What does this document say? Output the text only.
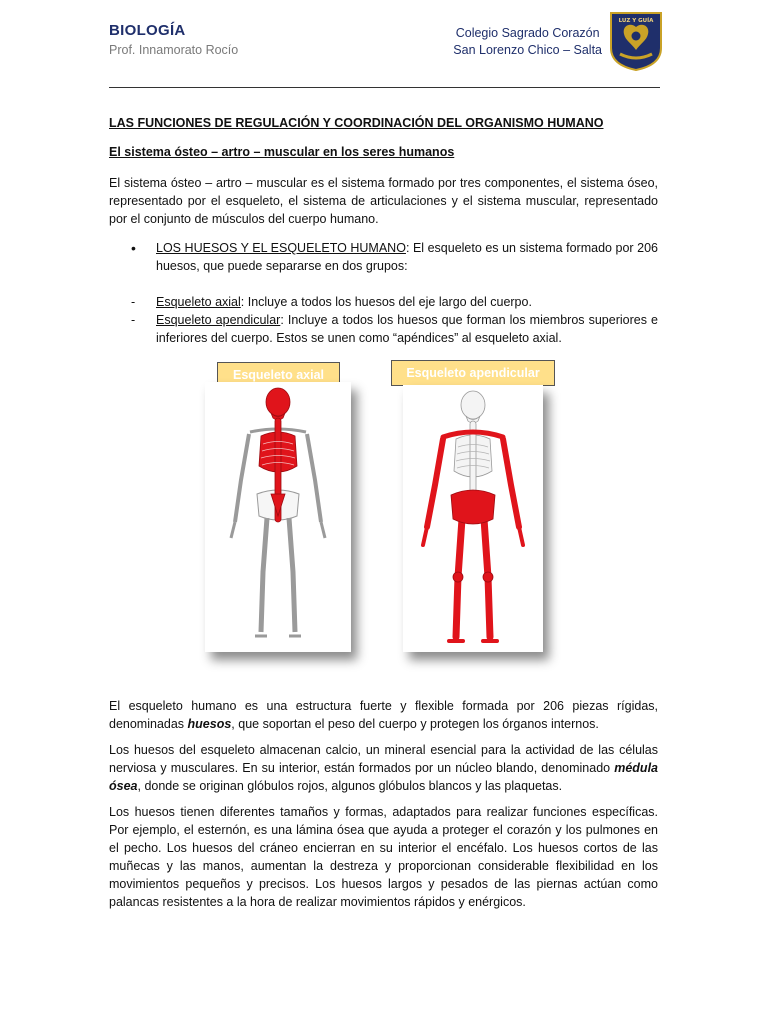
BIOLOGÍA
Prof. Innamorato Rocío
Colegio Sagrado Corazón
San Lorenzo Chico – Salta
LUZ Y GUÍA

LAS FUNCIONES DE REGULACIÓN Y COORDINACIÓN DEL ORGANISMO HUMANO

El sistema ósteo – artro – muscular en los seres humanos

El sistema ósteo – artro – muscular es el sistema formado por tres componentes, el sistema óseo, representado por el esqueleto, el sistema de articulaciones y el sistema muscular, representado por el conjunto de músculos del cuerpo humano.

• LOS HUESOS Y EL ESQUELETO HUMANO: El esqueleto es un sistema formado por 206 huesos, que puede separarse en dos grupos:
- Esqueleto axial: Incluye a todos los huesos del eje largo del cuerpo.
- Esqueleto apendicular: Incluye a todos los huesos que forman los miembros superiores e inferiores del cuerpo. Estos se unen como “apéndices” al esqueleto axial.
Esqueleto axial	Esqueleto apendicular

El esqueleto humano es una estructura fuerte y flexible formada por 206 piezas rígidas, denominadas huesos, que soportan el peso del cuerpo y protegen los órganos internos.

Los huesos del esqueleto almacenan calcio, un mineral esencial para la actividad de las células nerviosa y musculares. En su interior, están formados por un núcleo blando, denominado médula ósea, donde se originan glóbulos rojos, algunos glóbulos blancos y las plaquetas.

Los huesos tienen diferentes tamaños y formas, adaptados para realizar funciones específicas. Por ejemplo, el esternón, es una lámina ósea que ayuda a proteger el corazón y los pulmones en el pecho. Los huesos del cráneo encierran en su interior el encéfalo. Los huesos cortos de las muñecas y las manos, aumentan la destreza y proporcionan considerable flexibilidad en los movimientos pequeños y precisos. Los huesos largos y pesados de las piernas actúan como palancas resistentes a la hora de realizar movimientos rápidos y enérgicos.
